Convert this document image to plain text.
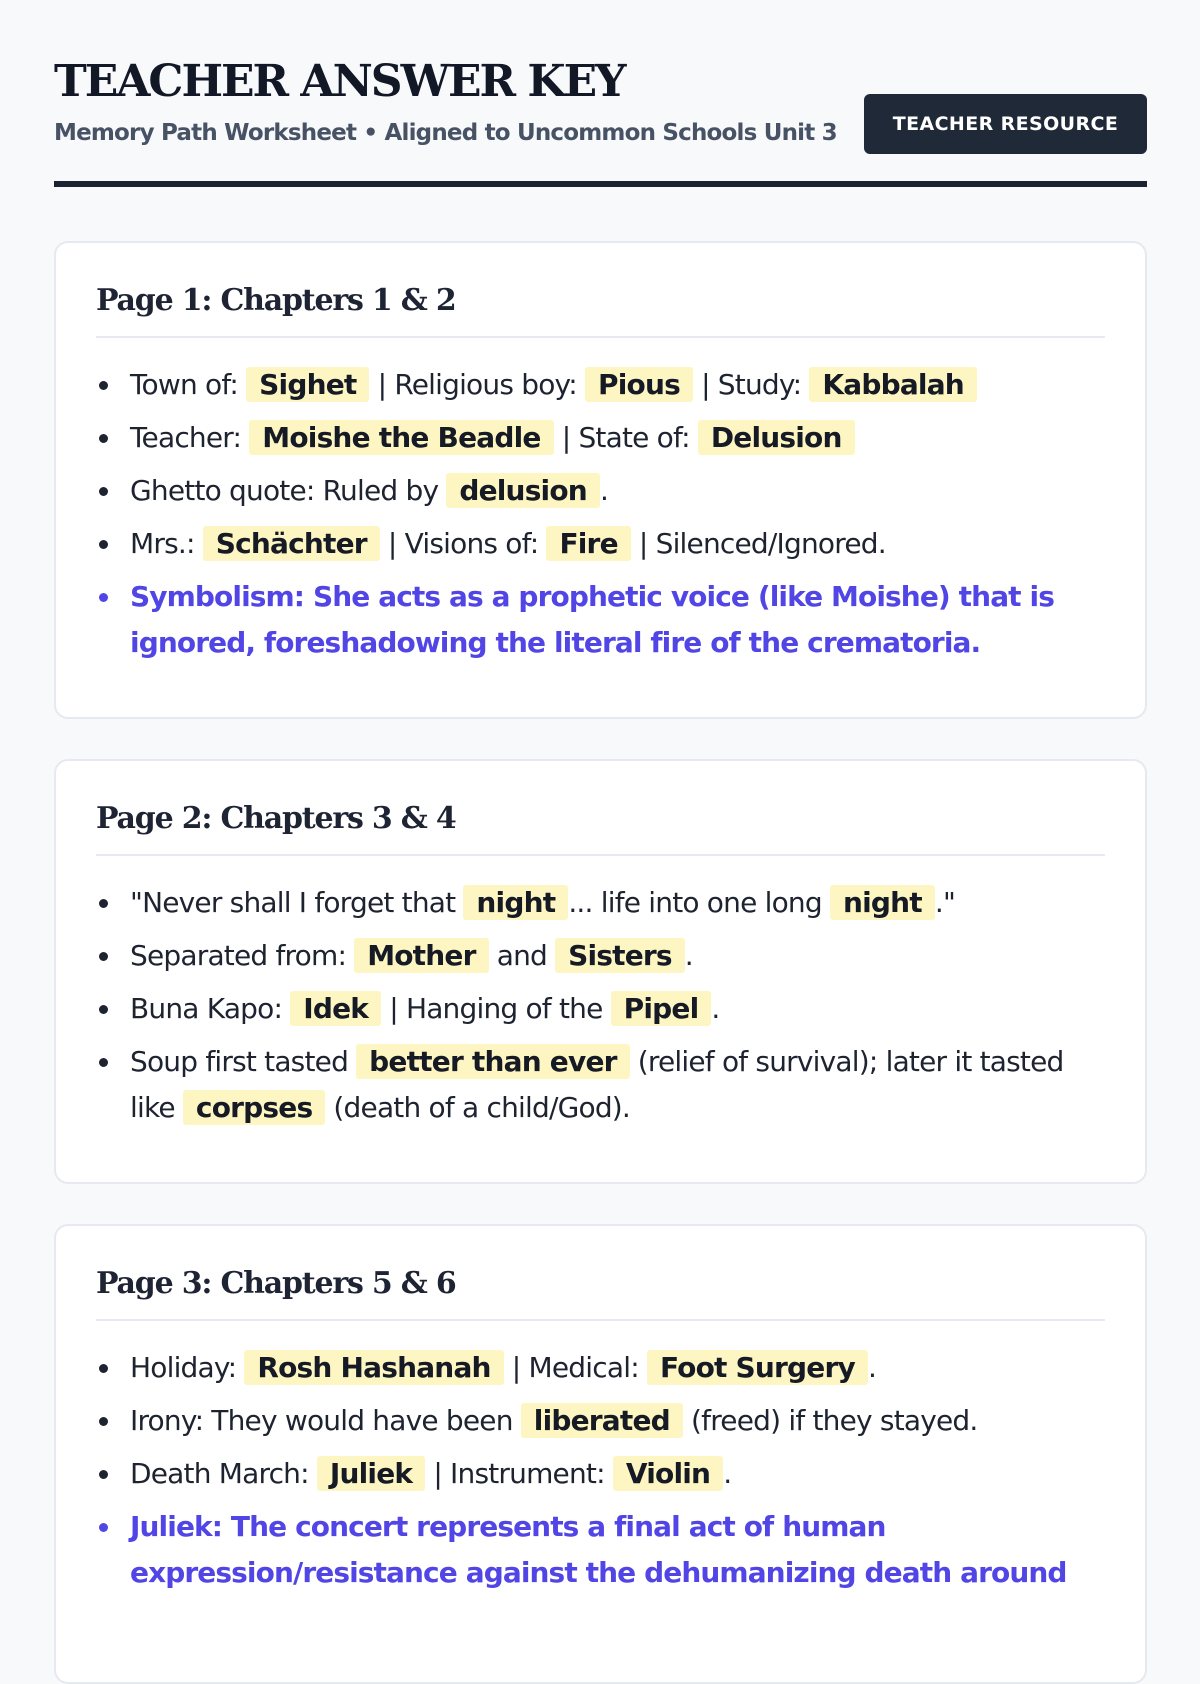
TEACHER ANSWER KEY
Memory Path Worksheet • Aligned to Uncommon Schools Unit 3	TEACHER RESOURCE
Page 1: Chapters 1 & 2
Town of: Sighet | Religious boy: Pious | Study: Kabbalah
Teacher: Moishe the Beadle | State of: Delusion
Ghetto quote: Ruled by delusion .
Mrs.: Schächter | Visions of: Fire | Silenced/Ignored.
Symbolism: She acts as a prophetic voice (like Moishe) that is ignored, foreshadowing the literal fire of the crematoria.
Page 2: Chapters 3 & 4
"Never shall I forget that night ... life into one long night ."
Separated from: Mother and Sisters .
Buna Kapo: Idek | Hanging of the Pipel .
Soup first tasted better than ever (relief of survival); later it tasted like corpses (death of a child/God).
Page 3: Chapters 5 & 6
Holiday: Rosh Hashanah | Medical: Foot Surgery .
Irony: They would have been liberated (freed) if they stayed.
Death March: Juliek | Instrument: Violin .
Juliek: The concert represents a final act of human expression/resistance against the dehumanizing death around
